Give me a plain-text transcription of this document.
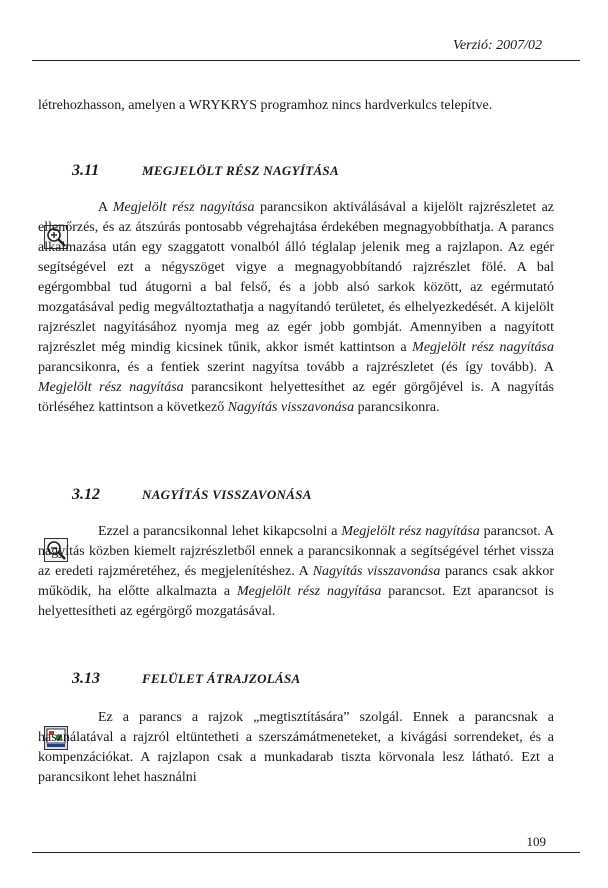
Verzió: 2007/02

létrehozhasson, amelyen a WRYKRYS programhoz nincs hardverkulcs telepítve.

3.11	MEGJELÖLT RÉSZ NAGYÍTÁSA

A Megjelölt rész nagyítása parancsikon aktiválásával a kijelölt rajzrészletet az ellenőrzés, és az átszúrás pontosabb végrehajtása érdekében megnagyobbíthatja. A parancs alkalmazása után egy szaggatott vonalból álló téglalap jelenik meg a rajzlapon. Az egér segítségével ezt a négyszöget vigye a megnagyobbítandó rajzrészlet fölé. A bal egérgombbal tud átugorni a bal felső, és a jobb alsó sarkok között, az egérmutató mozgatásával pedig megváltoztathatja a nagyítandó területet, és elhelyezkedését. A kijelölt rajzrészlet nagyításához nyomja meg az egér jobb gombját. Amennyiben a nagyított rajzrészlet még mindig kicsinek tűnik, akkor ismét kattintson a Megjelölt rész nagyítása parancsikonra, és a fentiek szerint nagyítsa tovább a rajzrészletet (és így tovább). A Megjelölt rész nagyítása parancsikont helyettesíthet az egér görgőjével is. A nagyítás törléséhez kattintson a következő Nagyítás visszavonása parancsikonra.

3.12	NAGYÍTÁS VISSZAVONÁSA

Ezzel a parancsikonnal lehet kikapcsolni a Megjelölt rész nagyítása parancsot. A nagyítás közben kiemelt rajzrészletből ennek a parancsikonnak a segítségével térhet vissza az eredeti rajzméretéhez, és megjelenítéshez. A Nagyítás visszavonása parancs csak akkor működik, ha előtte alkalmazta a Megjelölt rész nagyítása parancsot. Ezt aparancsot is helyettesítheti az egérgörgő mozgatásával.

3.13	FELÜLET ÁTRAJZOLÁSA

Ez a parancs a rajzok „megtisztítására” szolgál. Ennek a parancsnak a használatával a rajzról eltüntetheti a szerszámátmeneteket, a kivágási sorrendeket, és a kompenzációkat. A rajzlapon csak a munkadarab tiszta körvonala lesz látható. Ezt a parancsikont lehet használni

109
